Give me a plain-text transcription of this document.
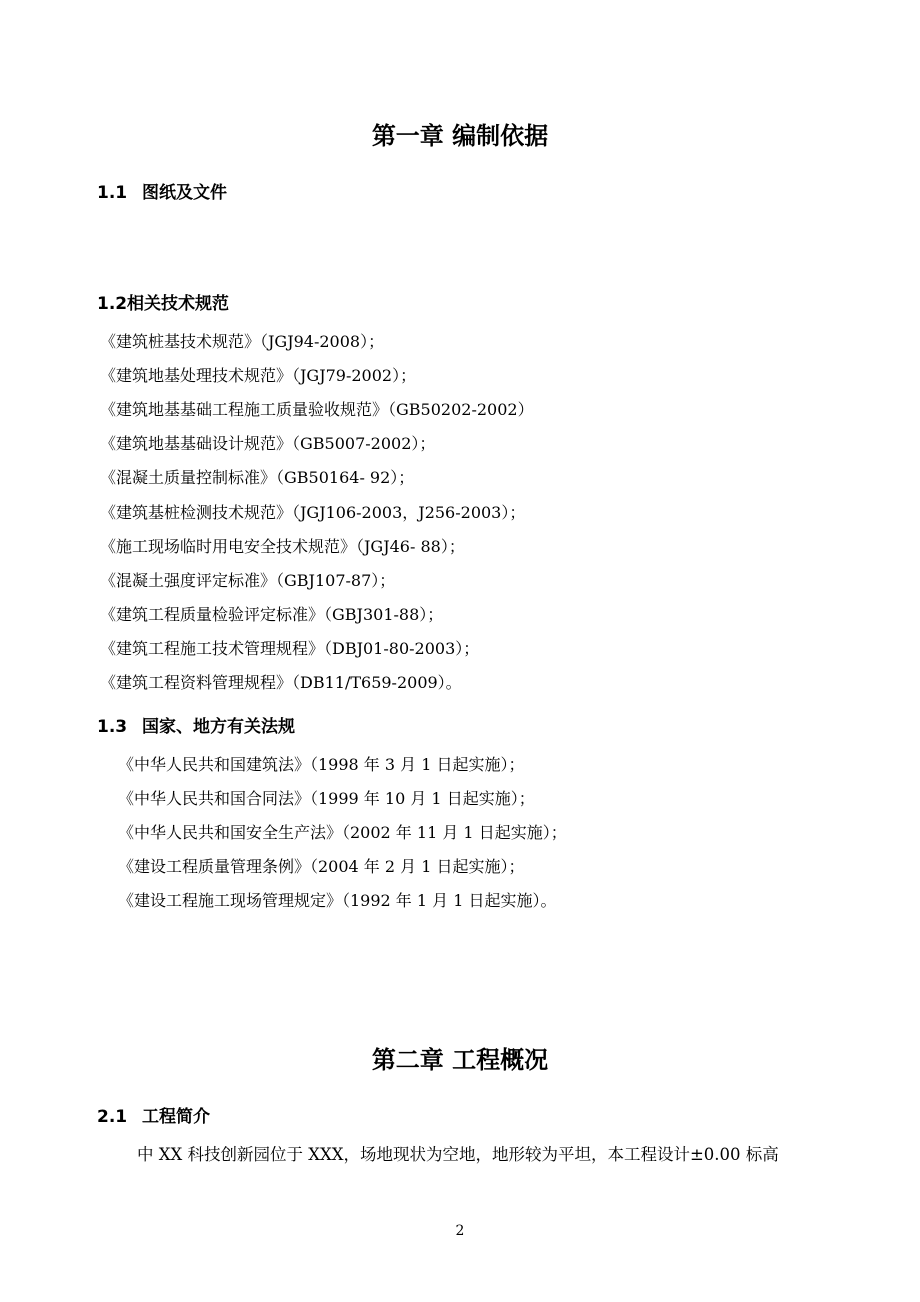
第一章 编制依据
1.1 图纸及文件
1.2相关技术规范
《建筑桩基技术规范》（JGJ94-2008）；
《建筑地基处理技术规范》（JGJ79-2002）；
《建筑地基基础工程施工质量验收规范》（GB50202-2002）
《建筑地基基础设计规范》（GB5007-2002）；
《混凝土质量控制标准》（GB50164- 92）；
《建筑基桩检测技术规范》（JGJ106-2003，J256-2003）；
《施工现场临时用电安全技术规范》（JGJ46- 88）；
《混凝土强度评定标准》（GBJ107-87）；
《建筑工程质量检验评定标准》（GBJ301-88）；
《建筑工程施工技术管理规程》（DBJ01-80-2003）；
《建筑工程资料管理规程》（DB11/T659-2009）。
1.3 国家、地方有关法规
《中华人民共和国建筑法》（1998 年 3 月 1 日起实施）；
《中华人民共和国合同法》（1999 年 10 月 1 日起实施）；
《中华人民共和国安全生产法》（2002 年 11 月 1 日起实施）；
《建设工程质量管理条例》（2004 年 2 月 1 日起实施）；
《建设工程施工现场管理规定》（1992 年 1 月 1 日起实施）。
第二章 工程概况
2.1 工程简介
中 XX 科技创新园位于 XXX，场地现状为空地，地形较为平坦，本工程设计±0.00 标高
2
